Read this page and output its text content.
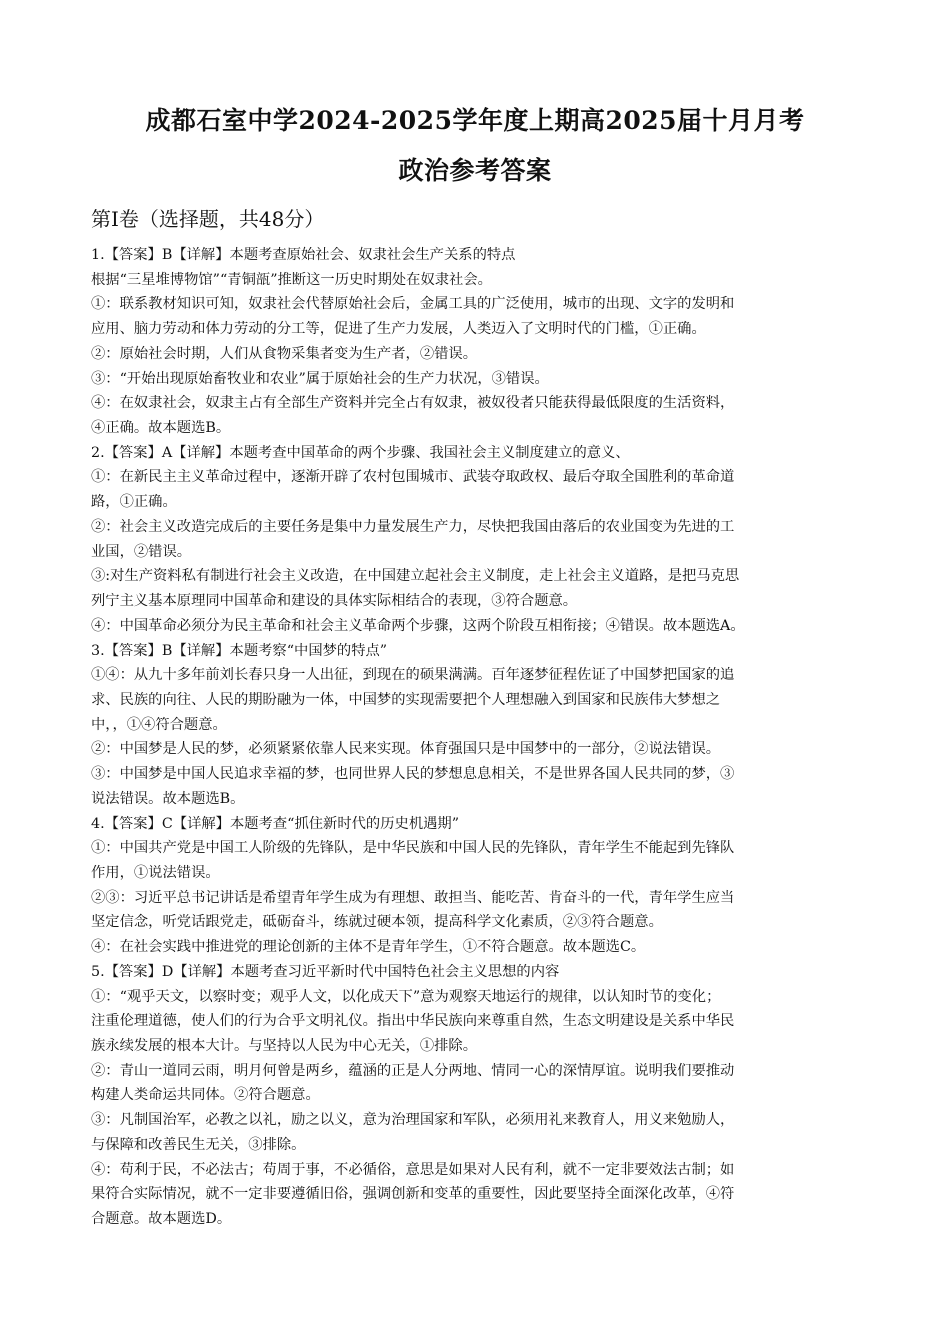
成都石室中学2024-2025学年度上期高2025届十月月考
政治参考答案
第Ⅰ卷（选择题，共48分）

1.【答案】B【详解】本题考查原始社会、奴隶社会生产关系的特点

根据“三星堆博物馆”“青铜瓿”推断这一历史时期处在奴隶社会。

①：联系教材知识可知，奴隶社会代替原始社会后，金属工具的广泛使用，城市的出现、文字的发明和

应用、脑力劳动和体力劳动的分工等，促进了生产力发展，人类迈入了文明时代的门槛，①正确。

②：原始社会时期，人们从食物采集者变为生产者，②错误。

③：“开始出现原始畜牧业和农业”属于原始社会的生产力状况，③错误。

④：在奴隶社会，奴隶主占有全部生产资料并完全占有奴隶，被奴役者只能获得最低限度的生活资料，

④正确。故本题选B。

2.【答案】A【详解】本题考查中国革命的两个步骤、我国社会主义制度建立的意义、

①：在新民主主义革命过程中，逐渐开辟了农村包围城市、武装夺取政权、最后夺取全国胜利的革命道

路，①正确。

②：社会主义改造完成后的主要任务是集中力量发展生产力，尽快把我国由落后的农业国变为先进的工

业国，②错误。

③:对生产资料私有制进行社会主义改造，在中国建立起社会主义制度，走上社会主义道路，是把马克思

列宁主义基本原理同中国革命和建设的具体实际相结合的表现，③符合题意。

④：中国革命必须分为民主革命和社会主义革命两个步骤，这两个阶段互相衔接；④错误。故本题选A。

3.【答案】B【详解】本题考察“中国梦的特点”

①④：从九十多年前刘长春只身一人出征，到现在的硕果满满。百年逐梦征程佐证了中国梦把国家的追

求、民族的向往、人民的期盼融为一体，中国梦的实现需要把个人理想融入到国家和民族伟大梦想之

中，，①④符合题意。

②：中国梦是人民的梦，必须紧紧依靠人民来实现。体育强国只是中国梦中的一部分，②说法错误。

③：中国梦是中国人民追求幸福的梦，也同世界人民的梦想息息相关，不是世界各国人民共同的梦，③

说法错误。故本题选B。

4.【答案】C【详解】本题考查“抓住新时代的历史机遇期”

①：中国共产党是中国工人阶级的先锋队，是中华民族和中国人民的先锋队，青年学生不能起到先锋队

作用，①说法错误。

②③：习近平总书记讲话是希望青年学生成为有理想、敢担当、能吃苦、肯奋斗的一代，青年学生应当

坚定信念，听党话跟党走，砥砺奋斗，练就过硬本领，提高科学文化素质，②③符合题意。

④：在社会实践中推进党的理论创新的主体不是青年学生，①不符合题意。故本题选C。

5.【答案】D【详解】本题考查习近平新时代中国特色社会主义思想的内容

①：“观乎天文，以察时变；观乎人文，以化成天下”意为观察天地运行的规律，以认知时节的变化；

注重伦理道德，使人们的行为合乎文明礼仪。指出中华民族向来尊重自然，生态文明建设是关系中华民

族永续发展的根本大计。与坚持以人民为中心无关，①排除。

②：青山一道同云雨，明月何曾是两乡，蕴涵的正是人分两地、情同一心的深情厚谊。说明我们要推动

构建人类命运共同体。②符合题意。

③：凡制国治军，必教之以礼，励之以义，意为治理国家和军队，必须用礼来教育人，用义来勉励人，

与保障和改善民生无关，③排除。

④：苟利于民，不必法古；苟周于事，不必循俗，意思是如果对人民有利，就不一定非要效法古制；如

果符合实际情况，就不一定非要遵循旧俗，强调创新和变革的重要性，因此要坚持全面深化改革，④符

合题意。故本题选D。
